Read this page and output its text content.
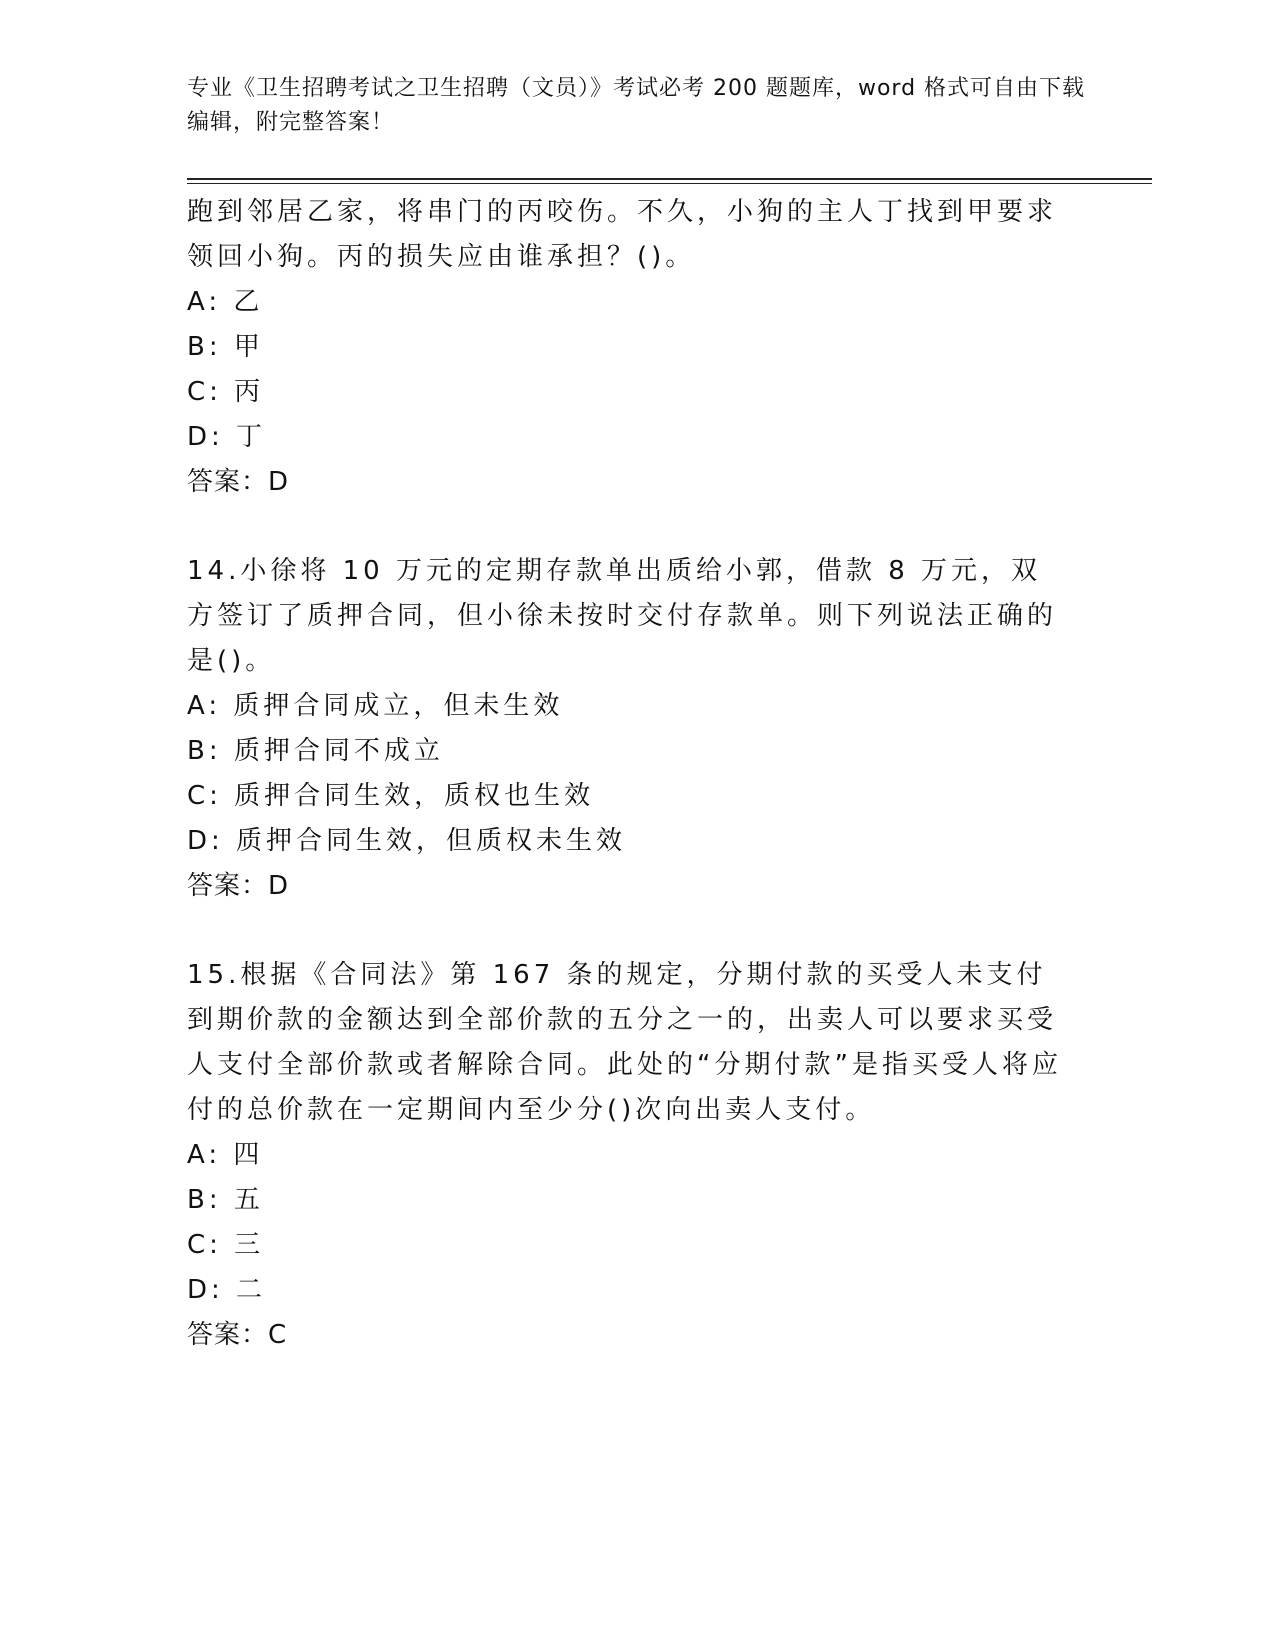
专业《卫生招聘考试之卫生招聘（文员）》考试必考 200 题题库，word 格式可自由下载编辑，附完整答案！
跑到邻居乙家，将串门的丙咬伤。不久，小狗的主人丁找到甲要求领回小狗。丙的损失应由谁承担？()。
A: 乙
B: 甲
C: 丙
D: 丁
答案：D
14.小徐将 10 万元的定期存款单出质给小郭，借款 8 万元，双方签订了质押合同，但小徐未按时交付存款单。则下列说法正确的是()。
A: 质押合同成立，但未生效
B: 质押合同不成立
C: 质押合同生效，质权也生效
D: 质押合同生效，但质权未生效
答案：D
15.根据《合同法》第 167 条的规定，分期付款的买受人未支付到期价款的金额达到全部价款的五分之一的，出卖人可以要求买受人支付全部价款或者解除合同。此处的“分期付款”是指买受人将应付的总价款在一定期间内至少分()次向出卖人支付。
A: 四
B: 五
C: 三
D: 二
答案：C
